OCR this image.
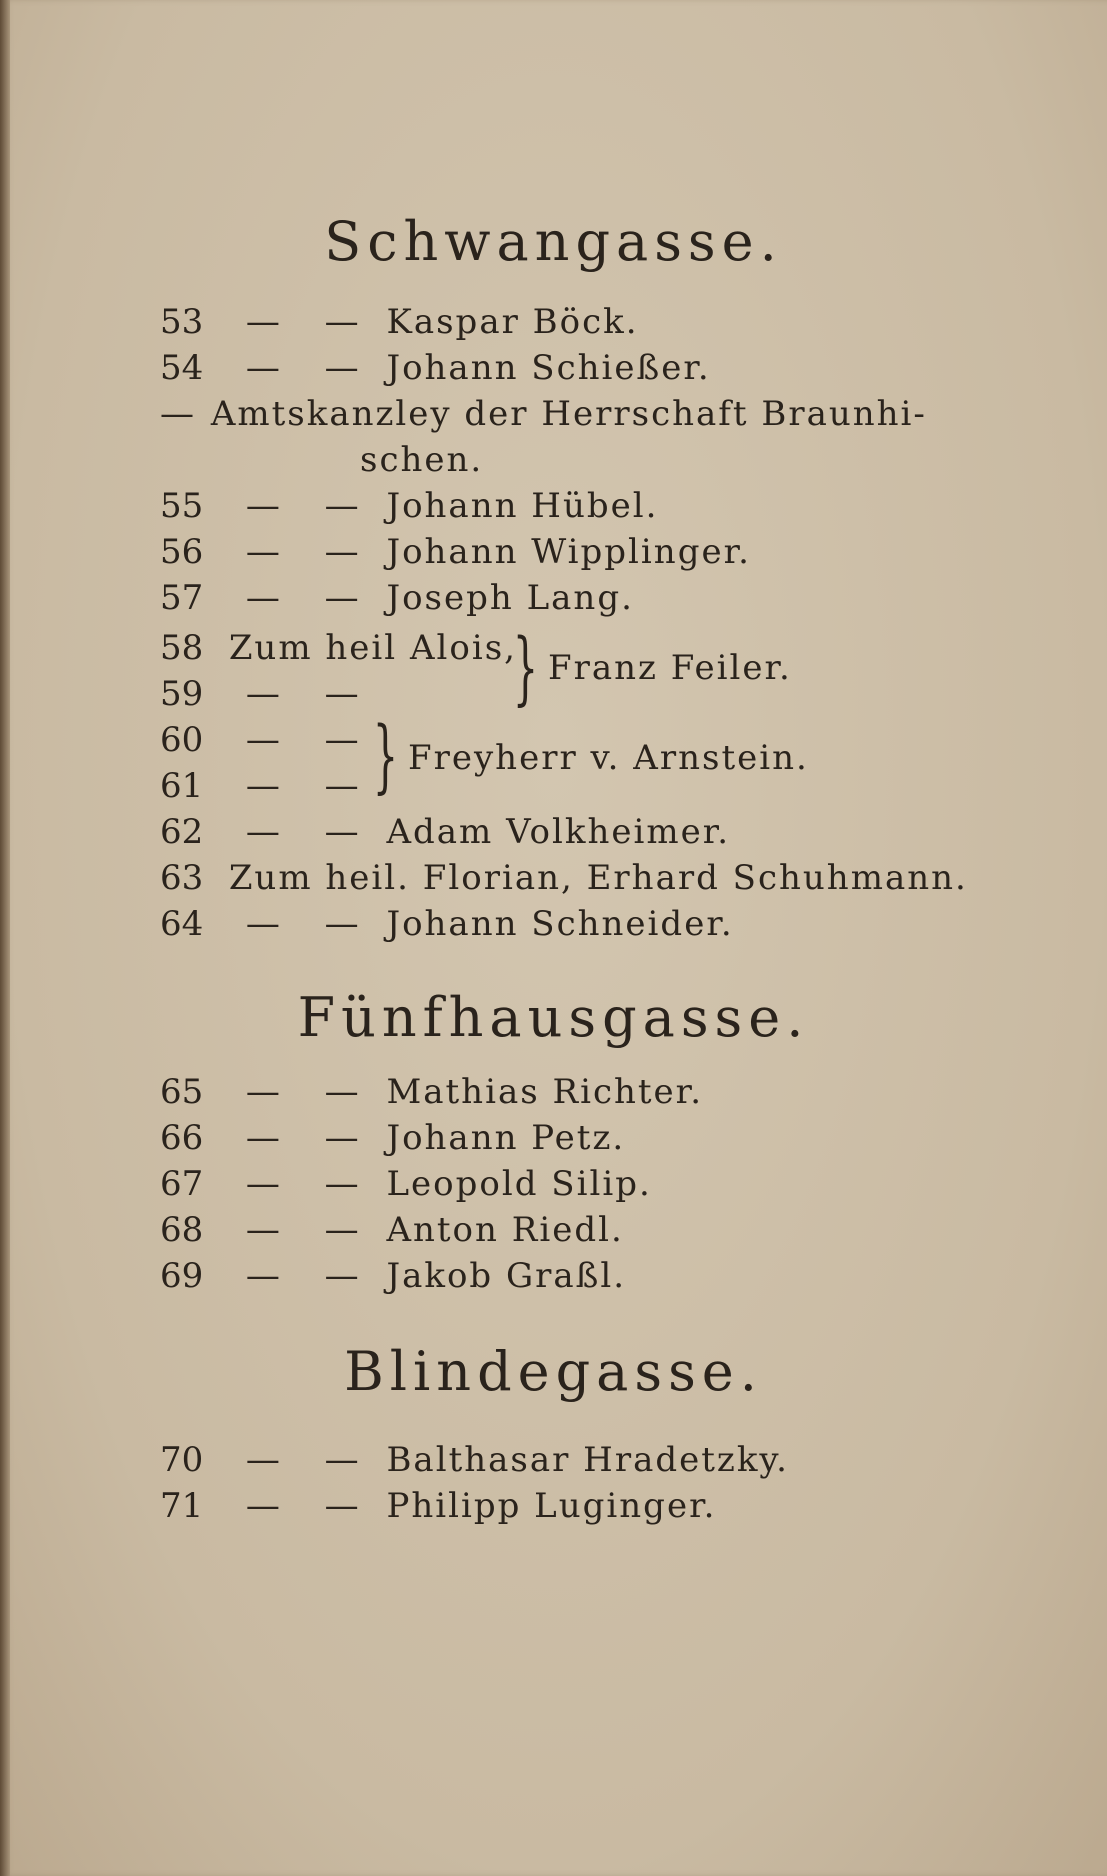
Schwangasse.
53 — — Kaspar Böck.
54 — — Johann Schießer.
— Amtskanzley der Herrschaft Braunhi-
schen.
55 — — Johann Hübel.
56 — — Johann Wipplinger.
57 — — Joseph Lang.
58 Zum heil Alois,
59 — — } Franz Feiler.
60 — —
61 — — } Freyherr v. Arnstein.
62 — — Adam Volkheimer.
63 Zum heil. Florian, Erhard Schuhmann.
64 — — Johann Schneider.
Fünfhausgasse.
65 — — Mathias Richter.
66 — — Johann Petz.
67 — — Leopold Silip.
68 — — Anton Riedl.
69 — — Jakob Graßl.
Blindegasse.
70 — — Balthasar Hradetzky.
71 — — Philipp Luginger.
